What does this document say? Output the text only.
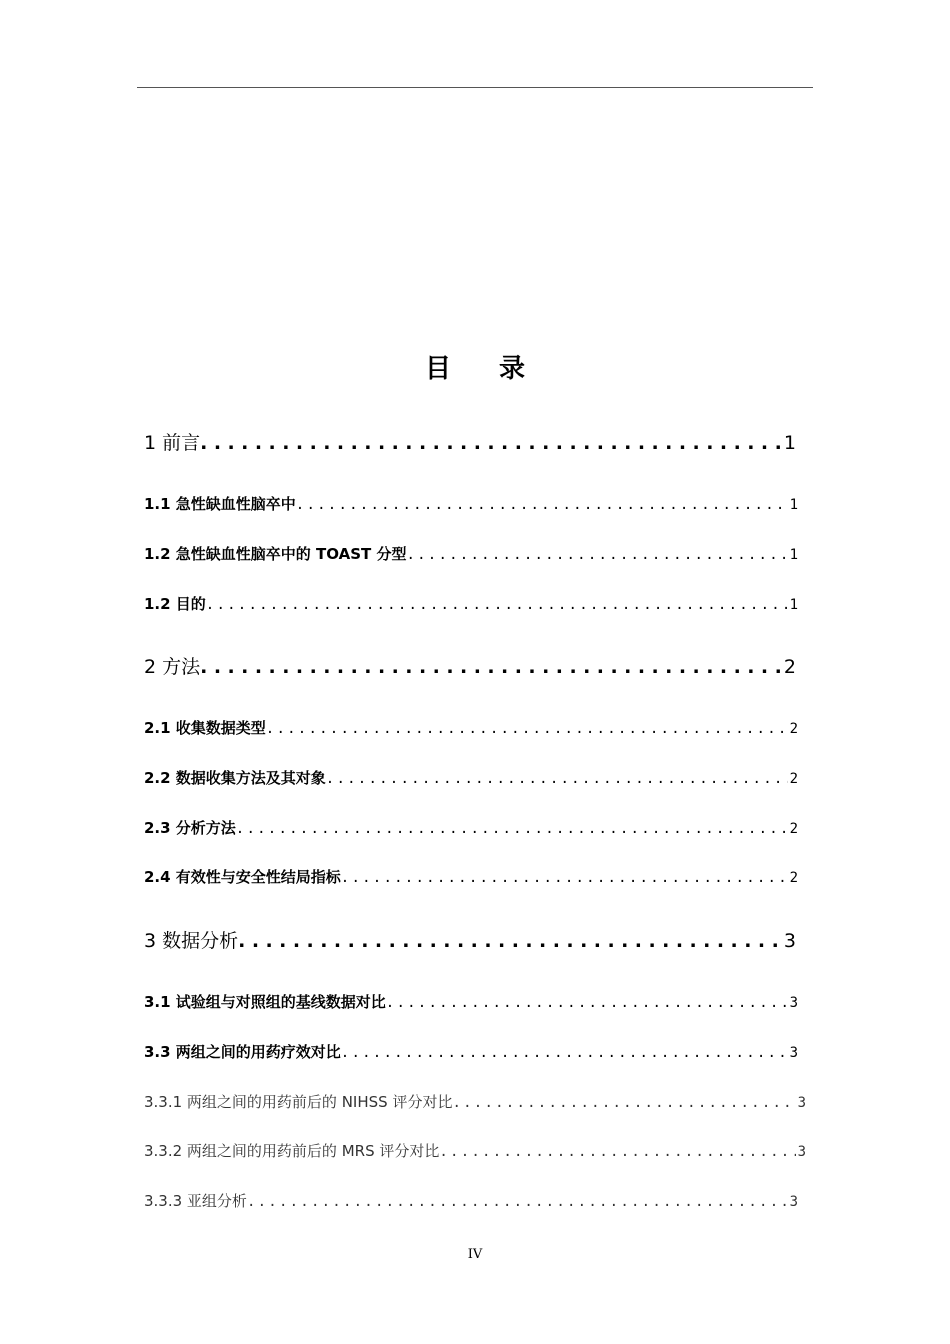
目 录
1 前言 .....	1
1.1 急性缺血性脑卒中 .....	1
1.2 急性缺血性脑卒中的 TOAST 分型 .....	1
1.2 目的 .....	1
2 方法 .....	2
2.1 收集数据类型 .....	2
2.2 数据收集方法及其对象 .....	2
2.3 分析方法 .....	2
2.4 有效性与安全性结局指标 .....	2
3 数据分析 .....	3
3.1 试验组与对照组的基线数据对比 .....	3
3.3 两组之间的用药疗效对比 .....	3
3.3.1 两组之间的用药前后的 NIHSS 评分对比 .....	3
3.3.2 两组之间的用药前后的 MRS 评分对比 .....	3
3.3.3 亚组分析 .....	3
IV
